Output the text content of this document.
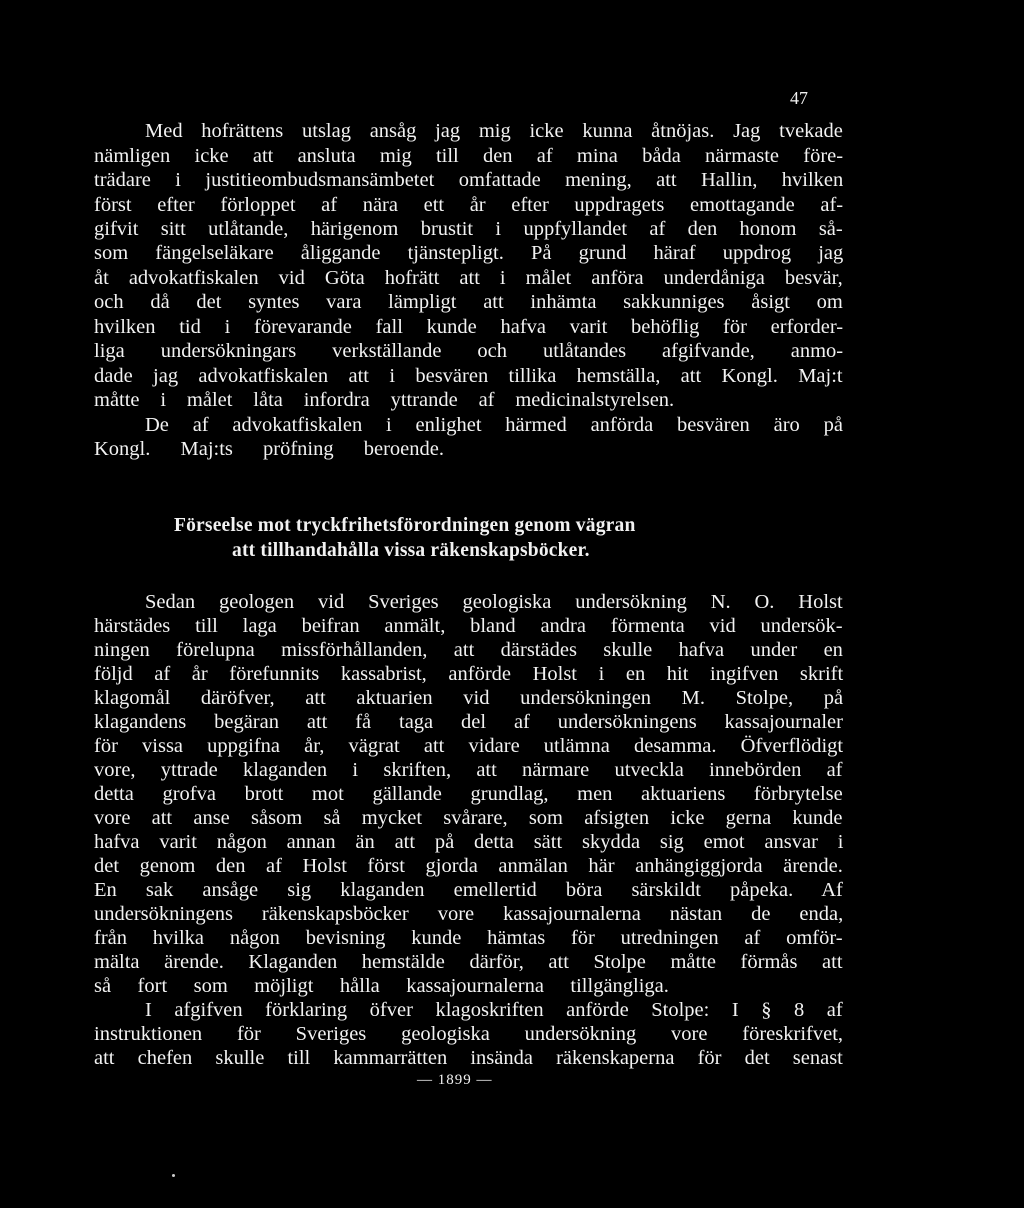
47
Med hofrättens utslag ansåg jag mig icke kunna åtnöjas. Jag tvekade
nämligen icke att ansluta mig till den af mina båda närmaste före-
trädare i justitieombudsmansämbetet omfattade mening, att Hallin, hvilken
först efter förloppet af nära ett år efter uppdragets emottagande af-
gifvit sitt utlåtande, härigenom brustit i uppfyllandet af den honom så-
som fängelseläkare åliggande tjänstepligt. På grund häraf uppdrog jag
åt advokatfiskalen vid Göta hofrätt att i målet anföra underdåniga besvär,
och då det syntes vara lämpligt att inhämta sakkunniges åsigt om
hvilken tid i förevarande fall kunde hafva varit behöflig för erforder-
liga undersökningars verkställande och utlåtandes afgifvande, anmo-
dade jag advokatfiskalen att i besvären tillika hemställa, att Kongl. Maj:t
måtte i målet låta infordra yttrande af medicinalstyrelsen.
De af advokatfiskalen i enlighet härmed anförda besvären äro på
Kongl. Maj:ts pröfning beroende.
Förseelse mot tryckfrihetsförordningen genom vägran
att tillhandahålla vissa räkenskapsböcker.
Sedan geologen vid Sveriges geologiska undersökning N. O. Holst
härstädes till laga beifran anmält, bland andra förmenta vid undersök-
ningen förelupna missförhållanden, att därstädes skulle hafva under en
följd af år förefunnits kassabrist, anförde Holst i en hit ingifven skrift
klagomål däröfver, att aktuarien vid undersökningen M. Stolpe, på
klagandens begäran att få taga del af undersökningens kassajournaler
för vissa uppgifna år, vägrat att vidare utlämna desamma. Öfverflödigt
vore, yttrade klaganden i skriften, att närmare utveckla innebörden af
detta grofva brott mot gällande grundlag, men aktuariens förbrytelse
vore att anse såsom så mycket svårare, som afsigten icke gerna kunde
hafva varit någon annan än att på detta sätt skydda sig emot ansvar i
det genom den af Holst först gjorda anmälan här anhängiggjorda ärende.
En sak ansåge sig klaganden emellertid böra särskildt påpeka. Af
undersökningens räkenskapsböcker vore kassajournalerna nästan de enda,
från hvilka någon bevisning kunde hämtas för utredningen af omför-
mälta ärende. Klaganden hemstälde därför, att Stolpe måtte förmås att
så fort som möjligt hålla kassajournalerna tillgängliga.
I afgifven förklaring öfver klagoskriften anförde Stolpe: I § 8 af
instruktionen för Sveriges geologiska undersökning vore föreskrifvet,
att chefen skulle till kammarrätten insända räkenskaperna för det senast
— 1899 —
